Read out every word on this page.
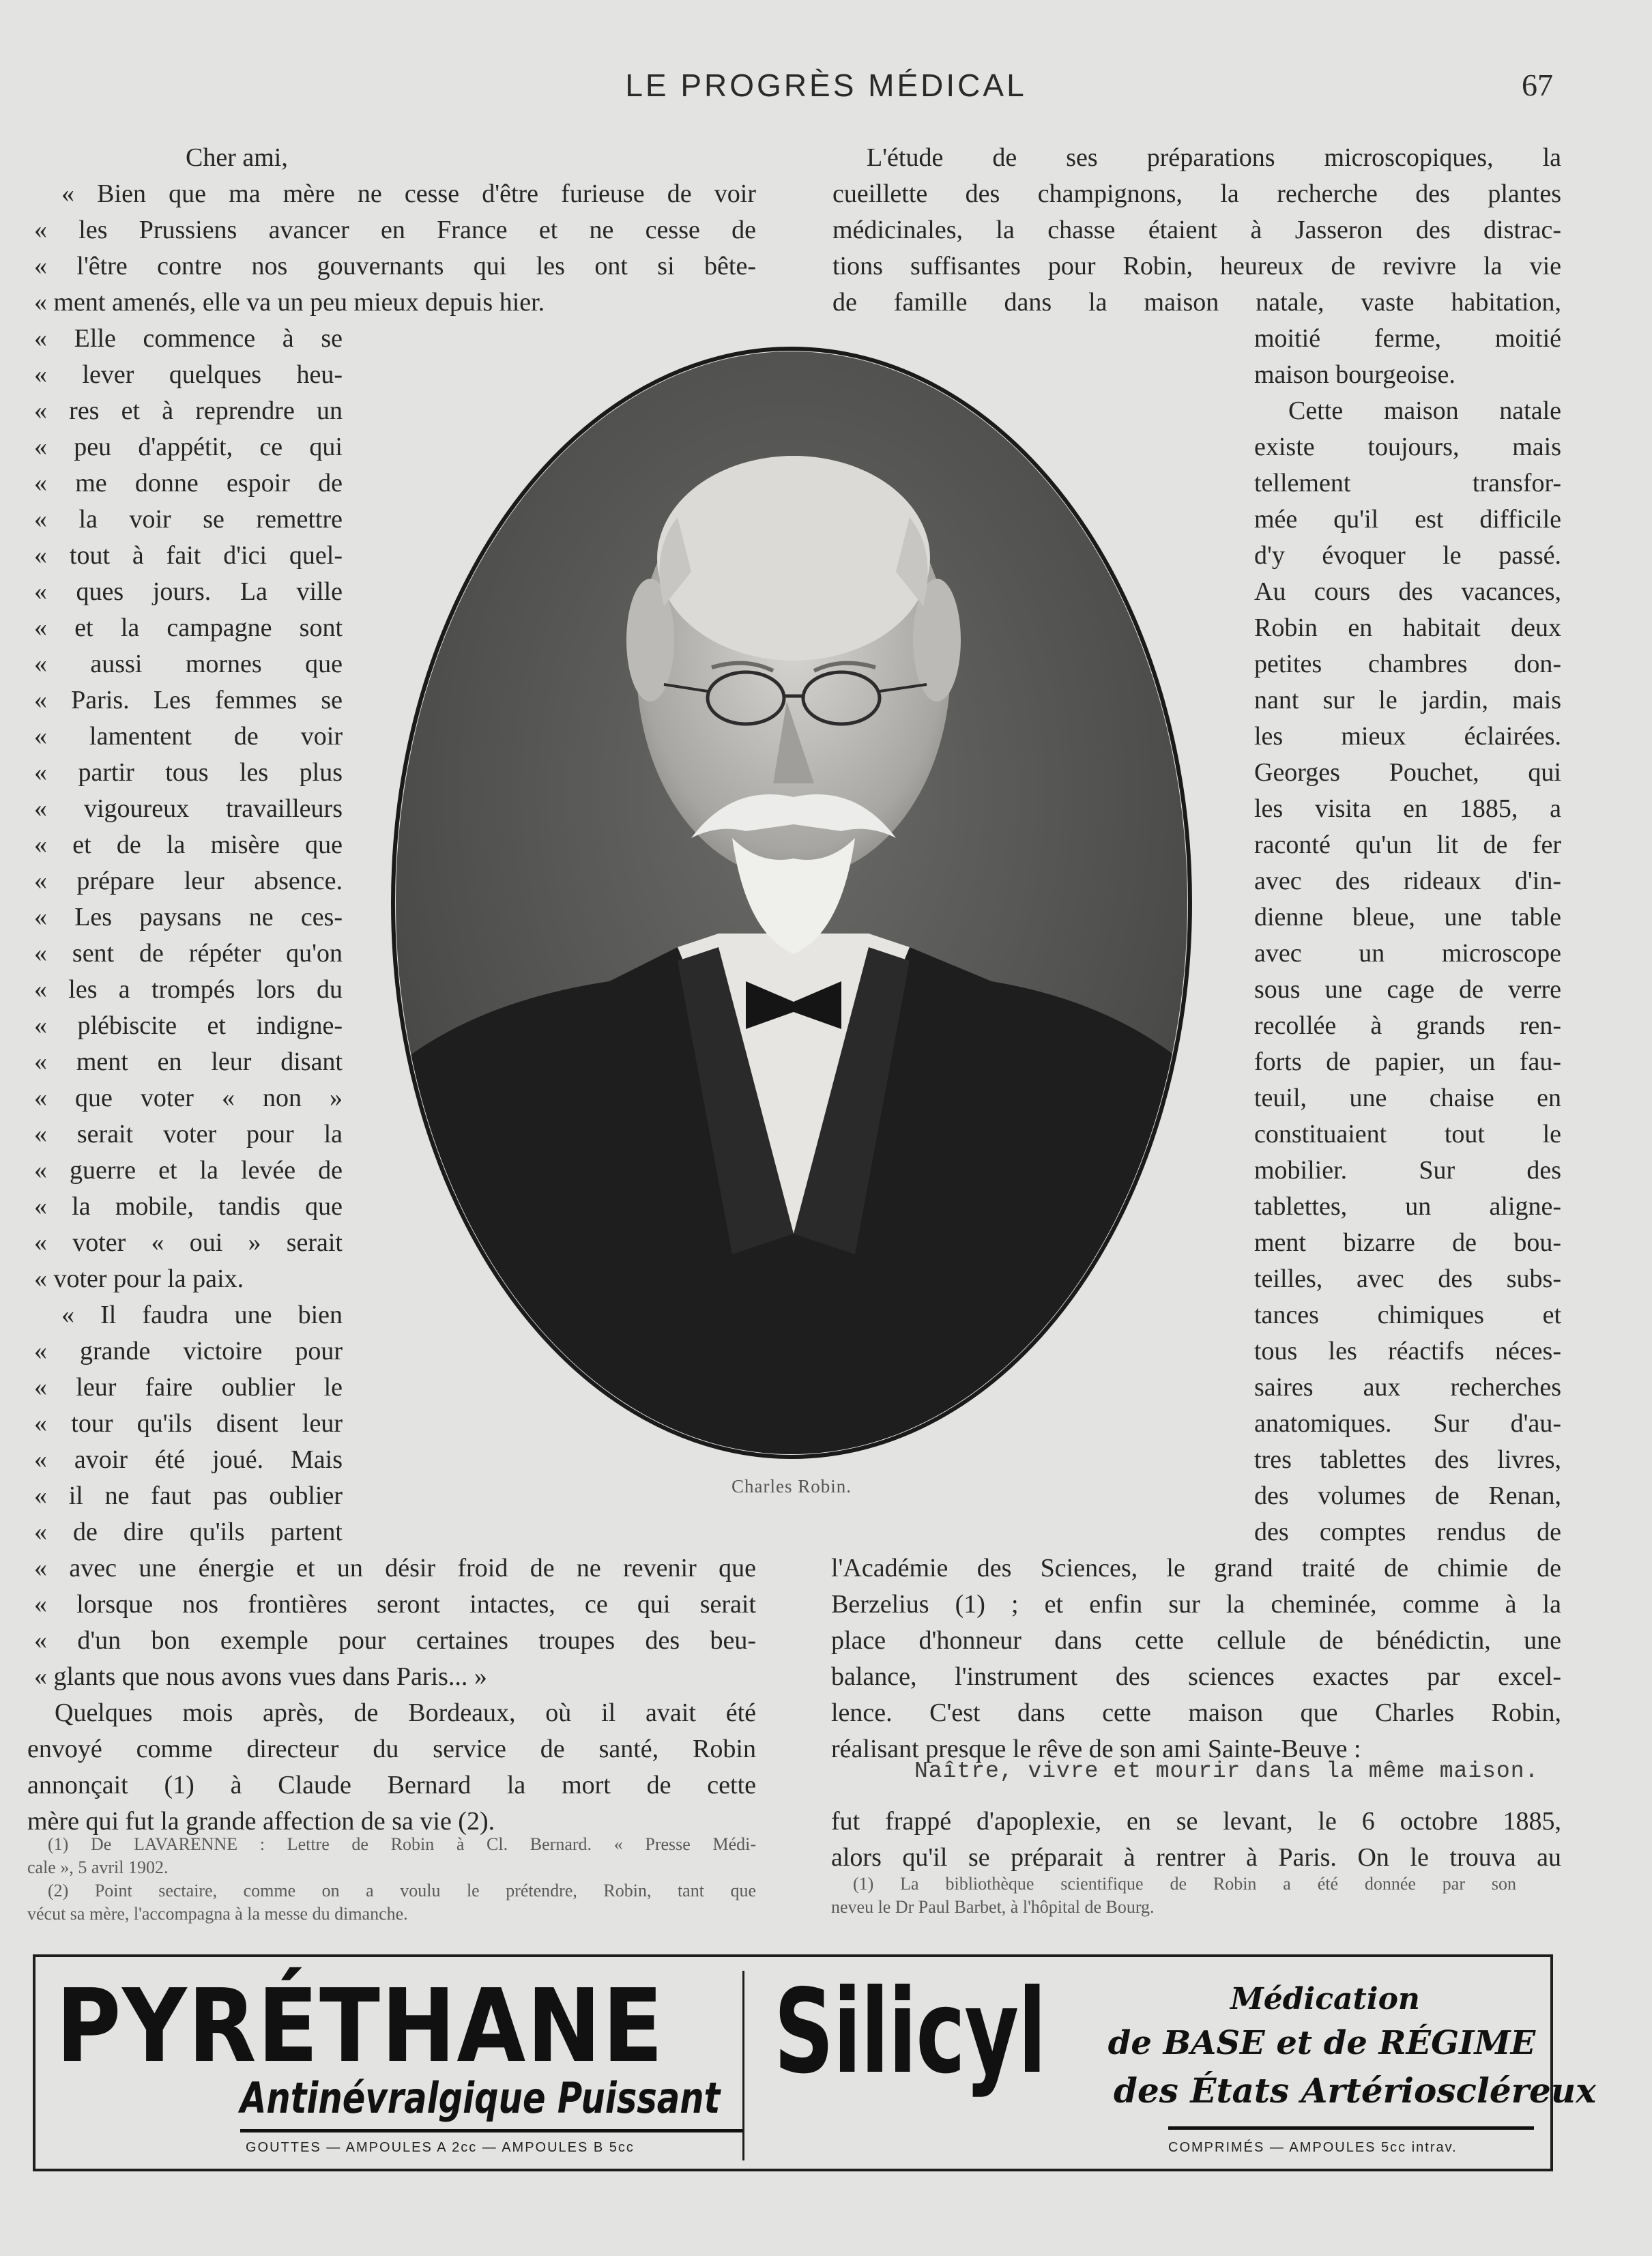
LE PROGRÈS MÉDICAL	67
Cher ami,
« Bien que ma mère ne cesse d'être furieuse de voir
« les Prussiens avancer en France et ne cesse de
« l'être contre nos gouvernants qui les ont si bête-
« ment amenés, elle va un peu mieux depuis hier.
« Elle commence à se
« lever quelques heu-
« res et à reprendre un
« peu d'appétit, ce qui
« me donne espoir de
« la voir se remettre
« tout à fait d'ici quel-
« ques jours. La ville
« et la campagne sont
« aussi mornes que
« Paris. Les femmes se
« lamentent de voir
« partir tous les plus
« vigoureux travailleurs
« et de la misère que
« prépare leur absence.
« Les paysans ne ces-
« sent de répéter qu'on
« les a trompés lors du
« plébiscite et indigne-
« ment en leur disant
« que voter « non »
« serait voter pour la
« guerre et la levée de
« la mobile, tandis que
« voter « oui » serait
« voter pour la paix.
« Il faudra une bien
« grande victoire pour
« leur faire oublier le
« tour qu'ils disent leur
« avoir été joué. Mais
« il ne faut pas oublier
« de dire qu'ils partent
« avec une énergie et un désir froid de ne revenir que
« lorsque nos frontières seront intactes, ce qui serait
« d'un bon exemple pour certaines troupes des beu-
« glants que nous avons vues dans Paris... »
Quelques mois après, de Bordeaux, où il avait été
envoyé comme directeur du service de santé, Robin
annonçait (1) à Claude Bernard la mort de cette
mère qui fut la grande affection de sa vie (2).
L'étude de ses préparations microscopiques, la
cueillette des champignons, la recherche des plantes
médicinales, la chasse étaient à Jasseron des distrac-
tions suffisantes pour Robin, heureux de revivre la vie
de famille dans la maison natale, vaste habitation,
moitié ferme, moitié
maison bourgeoise.
Cette maison natale
existe toujours, mais
tellement transfor-
mée qu'il est difficile
d'y évoquer le passé.
Au cours des vacances,
Robin en habitait deux
petites chambres don-
nant sur le jardin, mais
les mieux éclairées.
Georges Pouchet, qui
les visita en 1885, a
raconté qu'un lit de fer
avec des rideaux d'in-
dienne bleue, une table
avec un microscope
sous une cage de verre
recollée à grands ren-
forts de papier, un fau-
teuil, une chaise en
constituaient tout le
mobilier. Sur des
tablettes, un aligne-
ment bizarre de bou-
teilles, avec des subs-
tances chimiques et
tous les réactifs néces-
saires aux recherches
anatomiques. Sur d'au-
tres tablettes des livres,
des volumes de Renan,
des comptes rendus de
l'Académie des Sciences, le grand traité de chimie de
Berzelius (1) ; et enfin sur la cheminée, comme à la
place d'honneur dans cette cellule de bénédictin, une
balance, l'instrument des sciences exactes par excel-
lence. C'est dans cette maison que Charles Robin,
réalisant presque le rêve de son ami Sainte-Beuve :
fut frappé d'apoplexie, en se levant, le 6 octobre 1885,
alors qu'il se préparait à rentrer à Paris. On le trouva au
Charles Robin.
Naître, vivre et mourir dans la même maison.
(1) De LAVARENNE : Lettre de Robin à Cl. Bernard. « Presse Médi-
cale », 5 avril 1902.
(2) Point sectaire, comme on a voulu le prétendre, Robin, tant que
vécut sa mère, l'accompagna à la messe du dimanche.
(1) La bibliothèque scientifique de Robin a été donnée par son
neveu le Dr Paul Barbet, à l'hôpital de Bourg.
PYRÉTHANE
Antinévralgique Puissant
GOUTTES — AMPOULES A 2cc — AMPOULES B 5cc
Silicyl	Médication
de BASE et de RÉGIME
des États Artérioscléreux
COMPRIMÉS — AMPOULES 5cc intrav.
